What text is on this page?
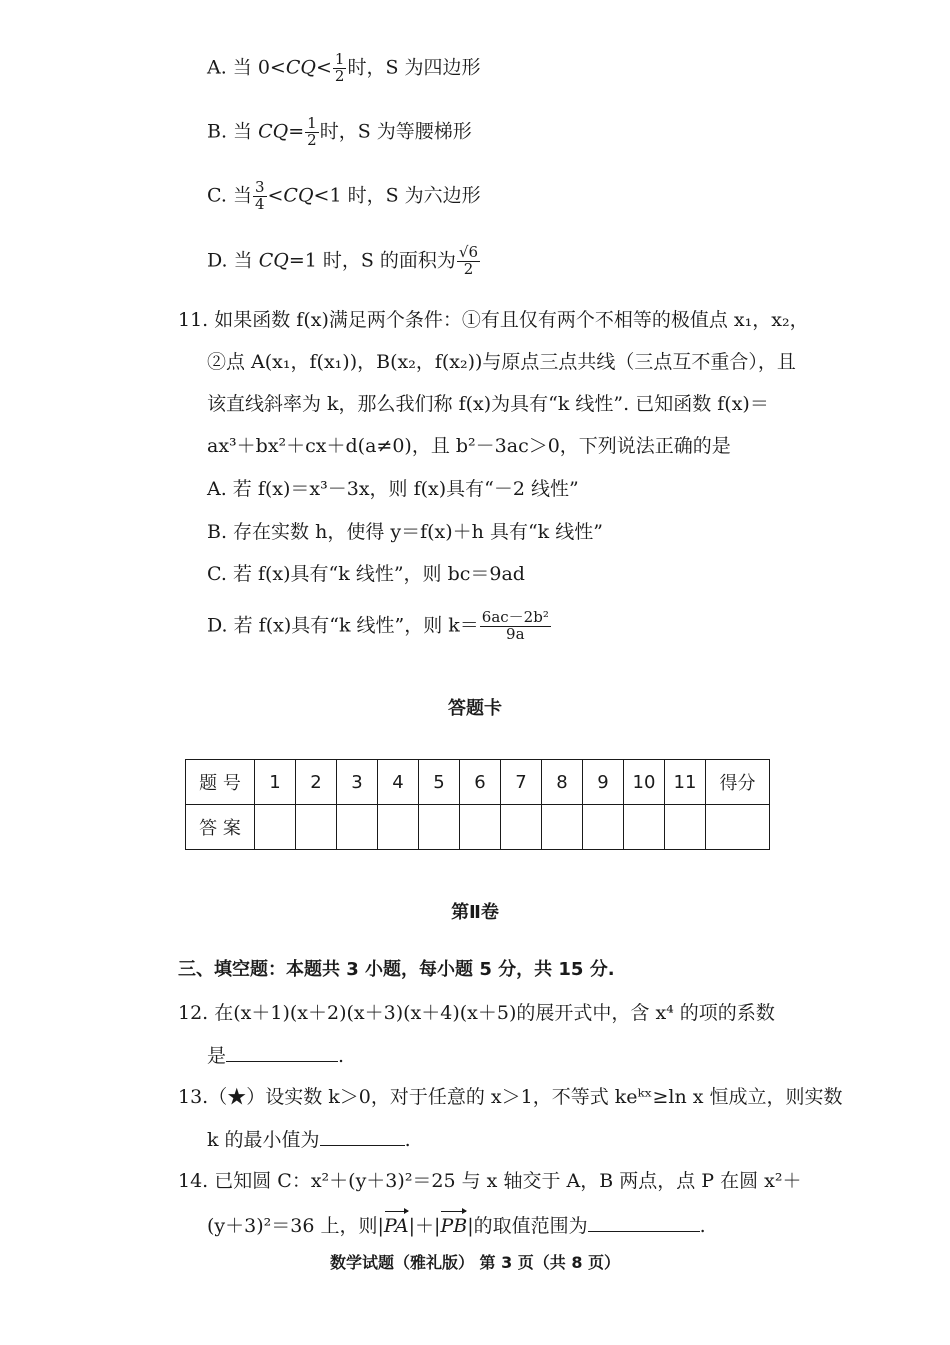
A. 当 $0<CQ< \frac{1}{2}$ 时，S 为四边形
B. 当 $CQ= \frac{1}{2}$ 时，S 为等腰梯形
C. 当 $\frac{3}{4} <CQ<1$ 时，S 为六边形
D. 当 CQ=1 时，S 的面积为 $\frac{√6}{2}$
11. 如果函数 f(x)满足两个条件：①有且仅有两个不相等的极值点 x₁，x₂，
②点 A(x₁，f(x₁))，B(x₂，f(x₂))与原点三点共线（三点互不重合），且
该直线斜率为 k，那么我们称 f(x)为具有“k 线性”. 已知函数 f(x)＝
ax³＋bx²＋cx＋d(a≠0)，且 b²－3ac＞0，下列说法正确的是
A. 若 f(x)＝x³－3x，则 f(x)具有“－2 线性”
B. 存在实数 h，使得 y＝f(x)＋h 具有“k 线性”
C. 若 f(x)具有“k 线性”，则 bc＝9ad
D. 若 f(x)具有“k 线性”，则 $k= \frac{\text{6ac－2b²}}{9a}$
答题卡
题 号	1	2	3	4	5	6	7	8	9	10	11	得分
答 案												
第Ⅱ卷
三、填空题：本题共 3 小题，每小题 5 分，共 15 分.
12. 在(x＋1)(x＋2)(x＋3)(x＋4)(x＋5)的展开式中，含 x⁴ 的项的系数
是	.
13.（★）设实数 k＞0，对于任意的 x＞1，不等式 keᵏˣ≥ln x 恒成立，则实数
k 的最小值为	.
14. 已知圆 C：x²＋(y＋3)²＝25 与 x 轴交于 A，B 两点，点 P 在圆 x²＋
(y＋3)²＝36 上，则|PA|＋|PB|的取值范围为	.
数学试题（雅礼版） 第 3 页（共 8 页）
